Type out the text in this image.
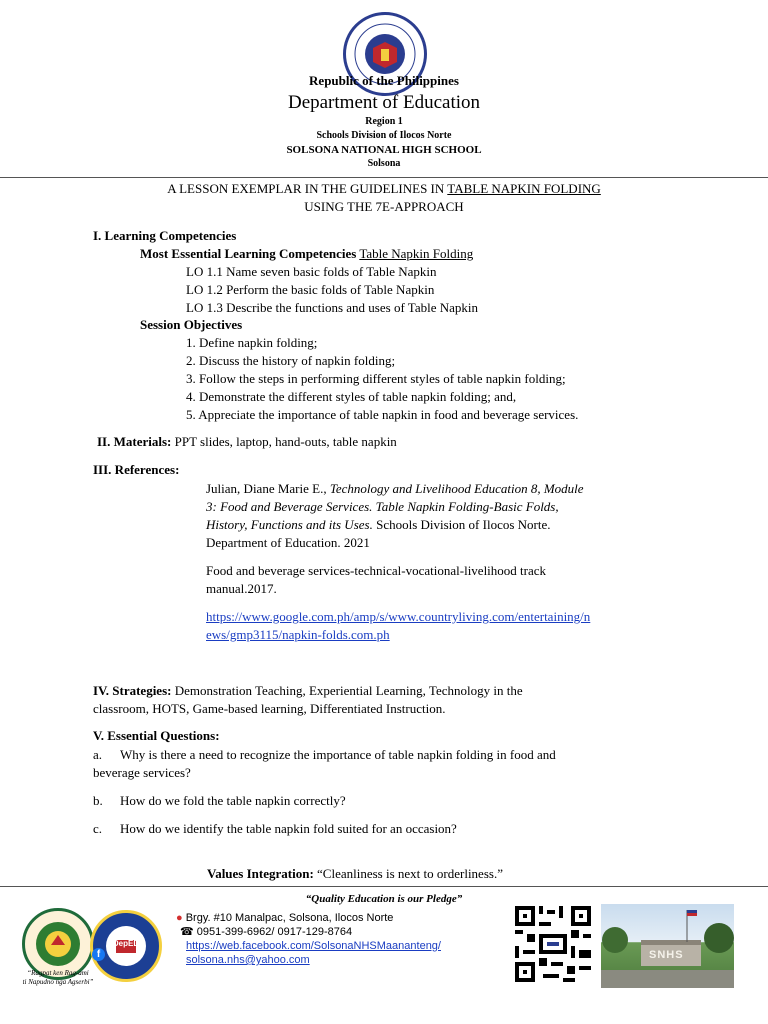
Republic of the Philippines
Department of Education
Region 1
Schools Division of Ilocos Norte
SOLSONA NATIONAL HIGH SCHOOL
Solsona
A LESSON EXEMPLAR IN THE GUIDELINES IN TABLE NAPKIN FOLDING
USING THE 7E-APPROACH
I. Learning Competencies
Most Essential Learning Competencies Table Napkin Folding
LO 1.1 Name seven basic folds of Table Napkin
LO 1.2 Perform the basic folds of Table Napkin
LO 1.3 Describe the functions and uses of Table Napkin
Session Objectives
1. Define napkin folding;
2. Discuss the history of napkin folding;
3. Follow the steps in performing different styles of table napkin folding;
4. Demonstrate the different styles of table napkin folding; and,
5. Appreciate the importance of table napkin in food and beverage services.
II. Materials: PPT slides, laptop, hand-outs, table napkin
III. References:
Julian, Diane Marie E., Technology and Livelihood Education 8, Module
3: Food and Beverage Services. Table Napkin Folding-Basic Folds,
History, Functions and its Uses. Schools Division of Ilocos Norte.
Department of Education. 2021
Food and beverage services-technical-vocational-livelihood track
manual.2017.
https://www.google.com.ph/amp/s/www.countryliving.com/entertaining/n
ews/gmp3115/napkin-folds.com.ph
IV. Strategies: Demonstration Teaching, Experiential Learning, Technology in the
classroom, HOTS, Game-based learning, Differentiated Instruction.
V. Essential Questions:
a. Why is there a need to recognize the importance of table napkin folding in food and
beverage services?
b. How do we fold the table napkin correctly?
c. How do we identify the table napkin fold suited for an occasion?
Values Integration: “Cleanliness is next to orderliness.”
“Quality Education is our Pledge”
“Ragpat ken Rag-ami
ti Napudno nga Agserbi”
DepED
f
● Brgy. #10 Manalpac, Solsona, Ilocos Norte
☎ 0951-399-6962/ 0917-129-8764
https://web.facebook.com/SolsonaNHSMaananteng/
solsona.nhs@yahoo.com	SNHS
